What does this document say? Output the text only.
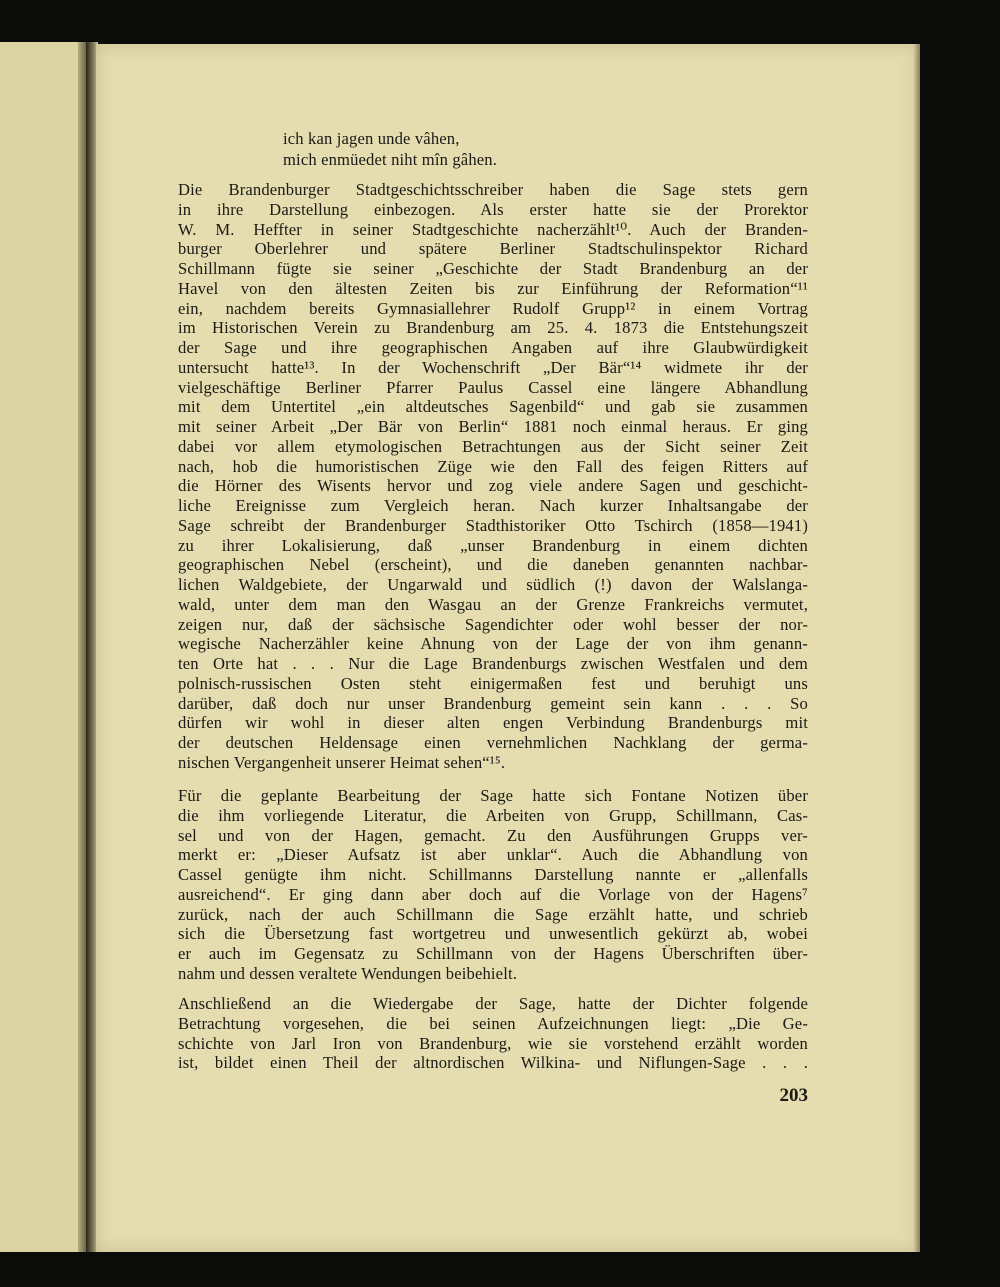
ich kan jagen unde vâhen,
mich enmüedet niht mîn gâhen.
Die Brandenburger Stadtgeschichtsschreiber haben die Sage stets gern
in ihre Darstellung einbezogen. Als erster hatte sie der Prorektor
W. M. Heffter in seiner Stadtgeschichte nacherzählt¹⁰. Auch der Branden-
burger Oberlehrer und spätere Berliner Stadtschulinspektor Richard
Schillmann fügte sie seiner „Geschichte der Stadt Brandenburg an der
Havel von den ältesten Zeiten bis zur Einführung der Reformation“¹¹
ein, nachdem bereits Gymnasiallehrer Rudolf Grupp¹² in einem Vortrag
im Historischen Verein zu Brandenburg am 25. 4. 1873 die Entstehungszeit
der Sage und ihre geographischen Angaben auf ihre Glaubwürdigkeit
untersucht hatte¹³. In der Wochenschrift „Der Bär“¹⁴ widmete ihr der
vielgeschäftige Berliner Pfarrer Paulus Cassel eine längere Abhandlung
mit dem Untertitel „ein altdeutsches Sagenbild“ und gab sie zusammen
mit seiner Arbeit „Der Bär von Berlin“ 1881 noch einmal heraus. Er ging
dabei vor allem etymologischen Betrachtungen aus der Sicht seiner Zeit
nach, hob die humoristischen Züge wie den Fall des feigen Ritters auf
die Hörner des Wisents hervor und zog viele andere Sagen und geschicht-
liche Ereignisse zum Vergleich heran. Nach kurzer Inhaltsangabe der
Sage schreibt der Brandenburger Stadthistoriker Otto Tschirch (1858—1941)
zu ihrer Lokalisierung, daß „unser Brandenburg in einem dichten
geographischen Nebel (erscheint), und die daneben genannten nachbar-
lichen Waldgebiete, der Ungarwald und südlich (!) davon der Walslanga-
wald, unter dem man den Wasgau an der Grenze Frankreichs vermutet,
zeigen nur, daß der sächsische Sagendichter oder wohl besser der nor-
wegische Nacherzähler keine Ahnung von der Lage der von ihm genann-
ten Orte hat . . . Nur die Lage Brandenburgs zwischen Westfalen und dem
polnisch-russischen Osten steht einigermaßen fest und beruhigt uns
darüber, daß doch nur unser Brandenburg gemeint sein kann . . . So
dürfen wir wohl in dieser alten engen Verbindung Brandenburgs mit
der deutschen Heldensage einen vernehmlichen Nachklang der germa-
nischen Vergangenheit unserer Heimat sehen“¹⁵.
Für die geplante Bearbeitung der Sage hatte sich Fontane Notizen über
die ihm vorliegende Literatur, die Arbeiten von Grupp, Schillmann, Cas-
sel und von der Hagen, gemacht. Zu den Ausführungen Grupps ver-
merkt er: „Dieser Aufsatz ist aber unklar“. Auch die Abhandlung von
Cassel genügte ihm nicht. Schillmanns Darstellung nannte er „allenfalls
ausreichend“. Er ging dann aber doch auf die Vorlage von der Hagens⁷
zurück, nach der auch Schillmann die Sage erzählt hatte, und schrieb
sich die Übersetzung fast wortgetreu und unwesentlich gekürzt ab, wobei
er auch im Gegensatz zu Schillmann von der Hagens Überschriften über-
nahm und dessen veraltete Wendungen beibehielt.
Anschließend an die Wiedergabe der Sage, hatte der Dichter folgende
Betrachtung vorgesehen, die bei seinen Aufzeichnungen liegt: „Die Ge-
schichte von Jarl Iron von Brandenburg, wie sie vorstehend erzählt worden
ist, bildet einen Theil der altnordischen Wilkina- und Niflungen-Sage . . .
203
